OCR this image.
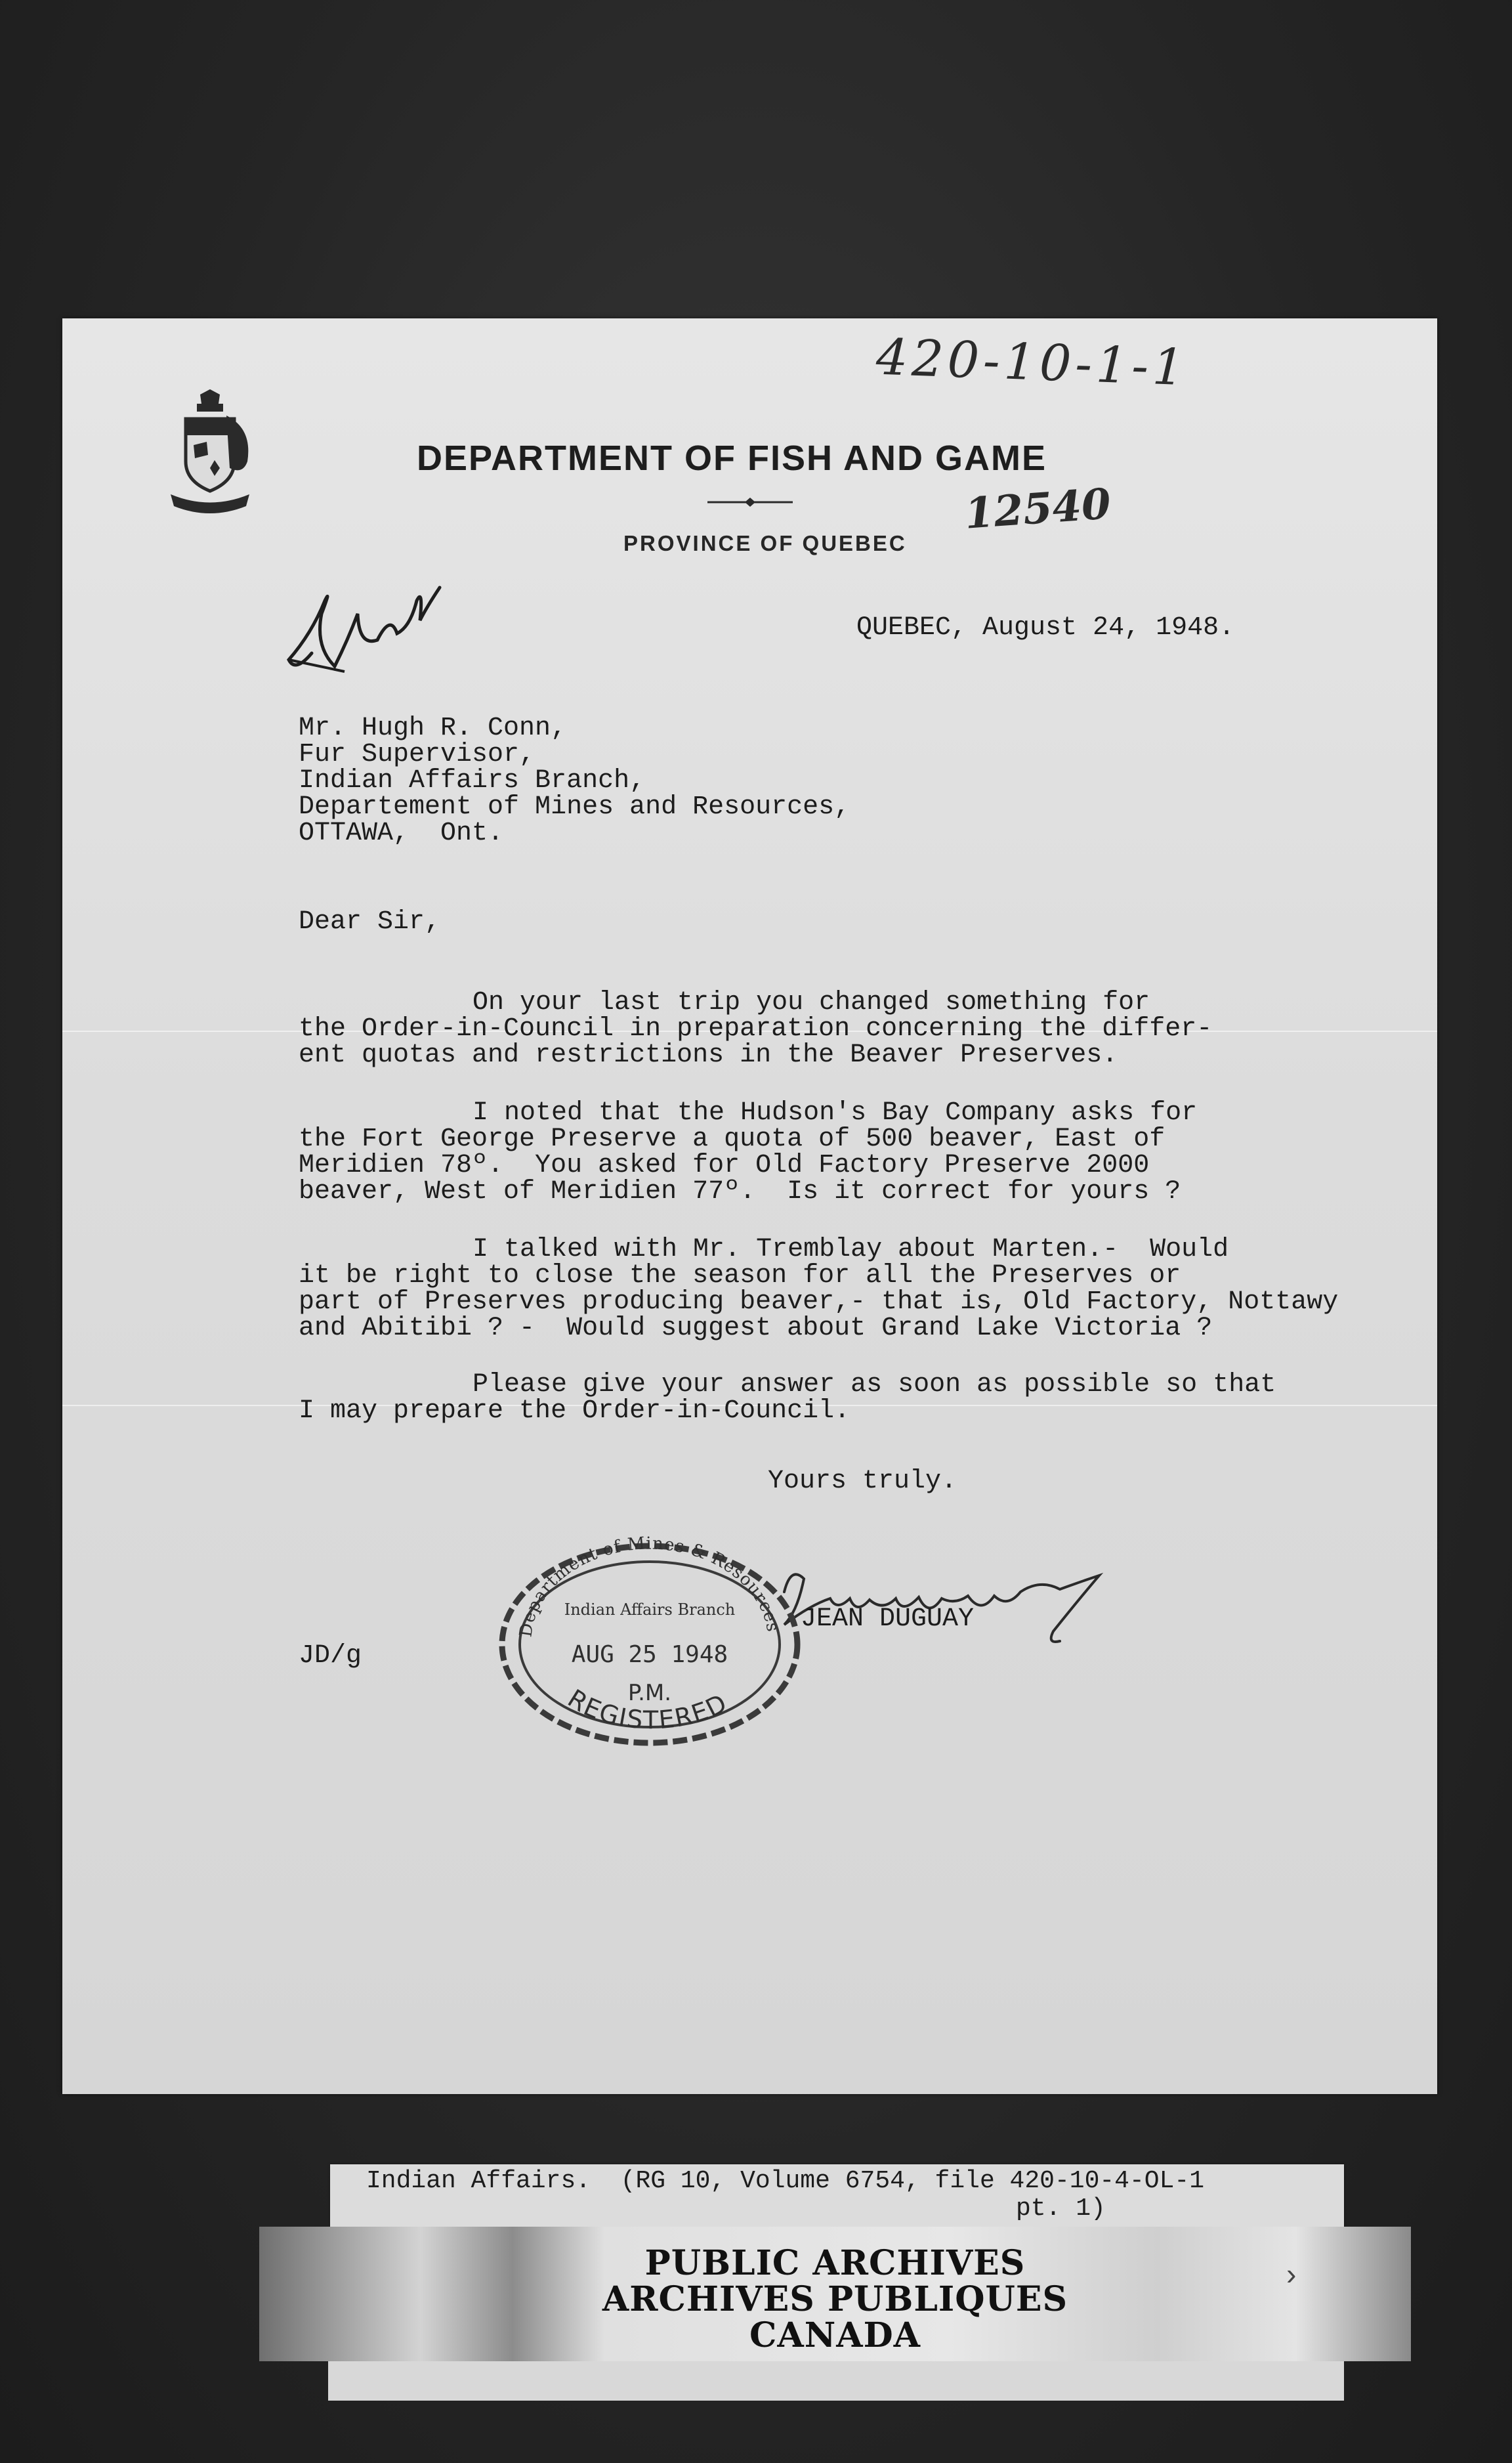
420-10-1-1
12540
DEPARTMENT OF FISH AND GAME
PROVINCE OF QUEBEC
QUEBEC, August 24, 1948.
Mr. Hugh R. Conn,
Fur Supervisor,
Indian Affairs Branch,
Departement of Mines and Resources,
OTTAWA,  Ont.
Dear Sir,
On your last trip you changed something for
the Order-in-Council in preparation concerning the differ-
ent quotas and restrictions in the Beaver Preserves.
I noted that the Hudson's Bay Company asks for
the Fort George Preserve a quota of 500 beaver, East of
Meridien 78º.  You asked for Old Factory Preserve 2000
beaver, West of Meridien 77º.  Is it correct for yours ?
I talked with Mr. Tremblay about Marten.-  Would
it be right to close the season for all the Preserves or
part of Preserves producing beaver,- that is, Old Factory, Nottawy
and Abitibi ? -  Would suggest about Grand Lake Victoria ?
Please give your answer as soon as possible so that
I may prepare the Order-in-Council.
Yours truly.
JEAN DUGUAY
JD/g
Department of Mines & Resources
Indian Affairs Branch
AUG 25 1948
P.M.
REGISTERED
Indian Affairs.  (RG 10, Volume 6754, file 420-10-4-OL-1
pt. 1)
PUBLIC ARCHIVES
ARCHIVES PUBLIQUES
CANADA
›
